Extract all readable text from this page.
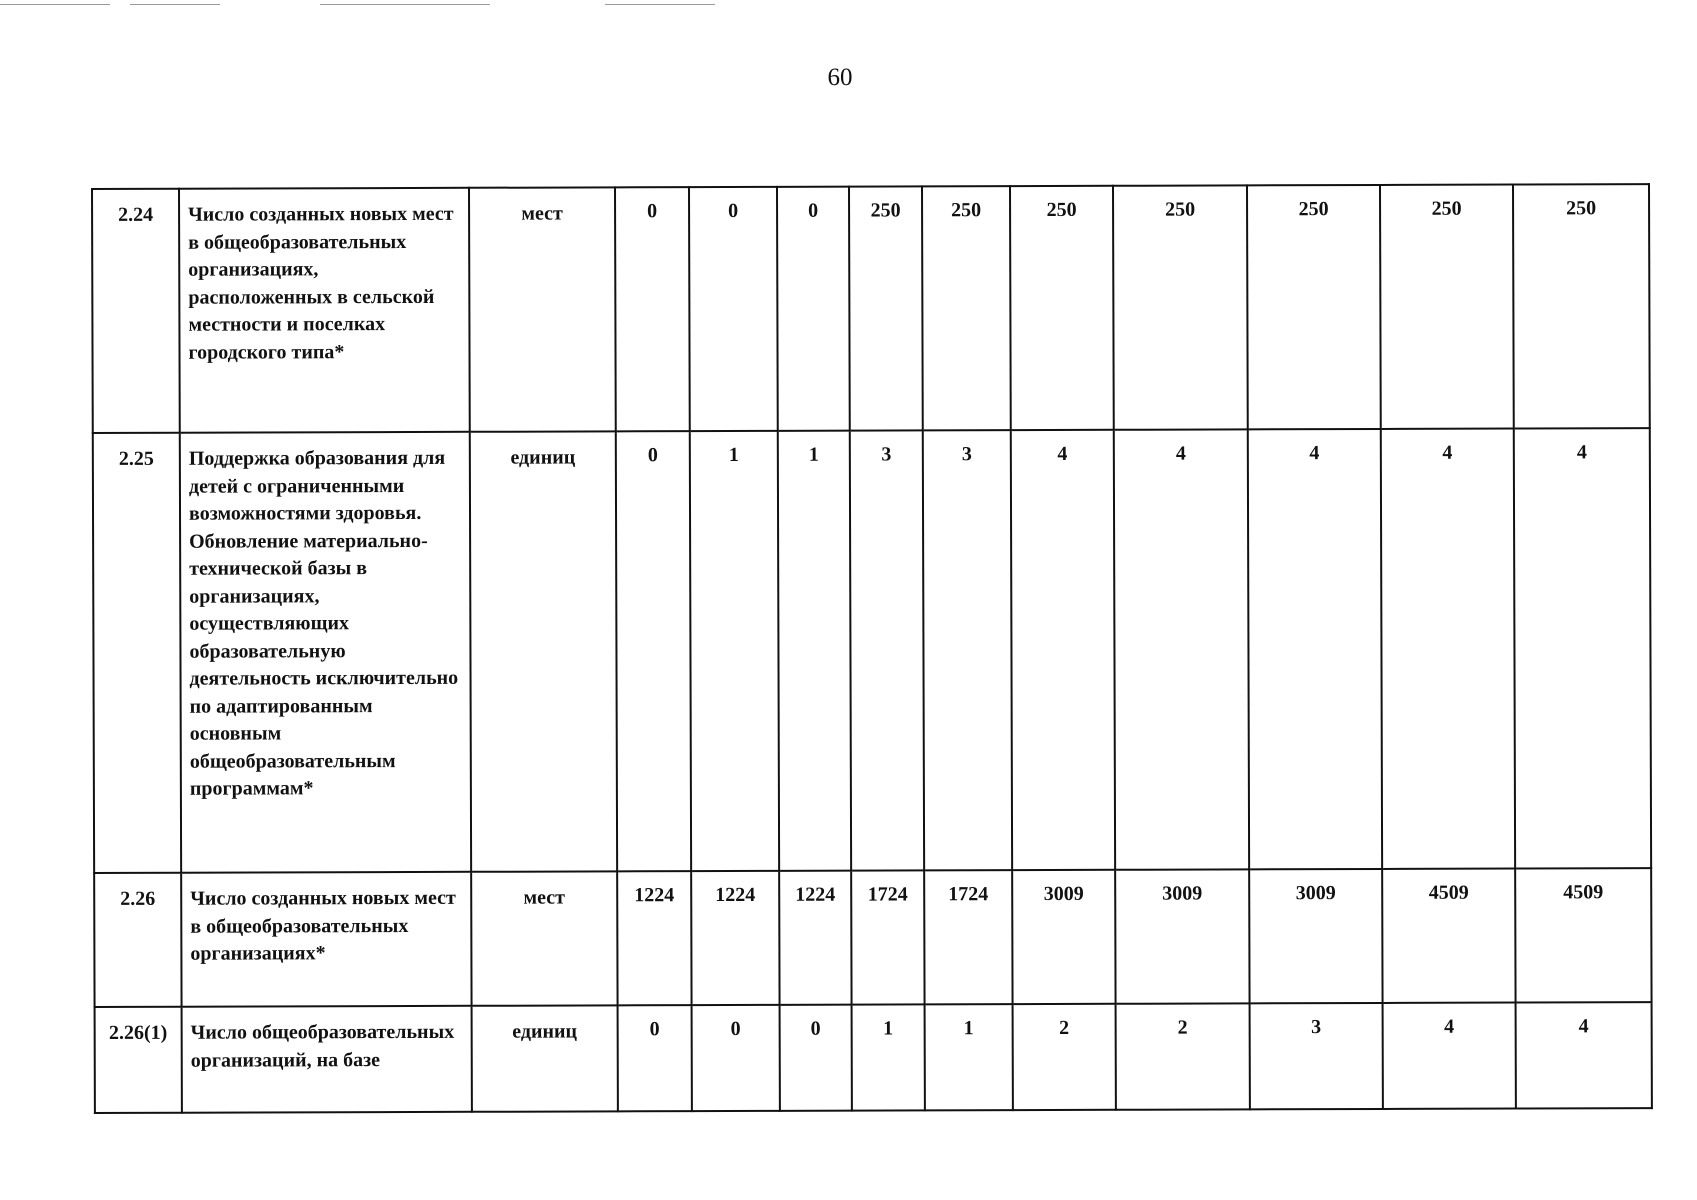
60
2.24	Число созданных новых мест в общеобразовательных организациях, расположенных в сельской местности и поселках городского типа*	мест	0	0	0	250	250	250	250	250	250	250
2.25	Поддержка образования для детей с ограниченными возможностями здоровья. Обновление материально-технической базы в организациях, осуществляющих образовательную деятельность исключительно по адаптированным основным общеобразовательным программам*	единиц	0	1	1	3	3	4	4	4	4	4
2.26	Число созданных новых мест в общеобразовательных организациях*	мест	1224	1224	1224	1724	1724	3009	3009	3009	4509	4509
2.26(1)	Число общеобразовательных организаций, на базе	единиц	0	0	0	1	1	2	2	3	4	4
